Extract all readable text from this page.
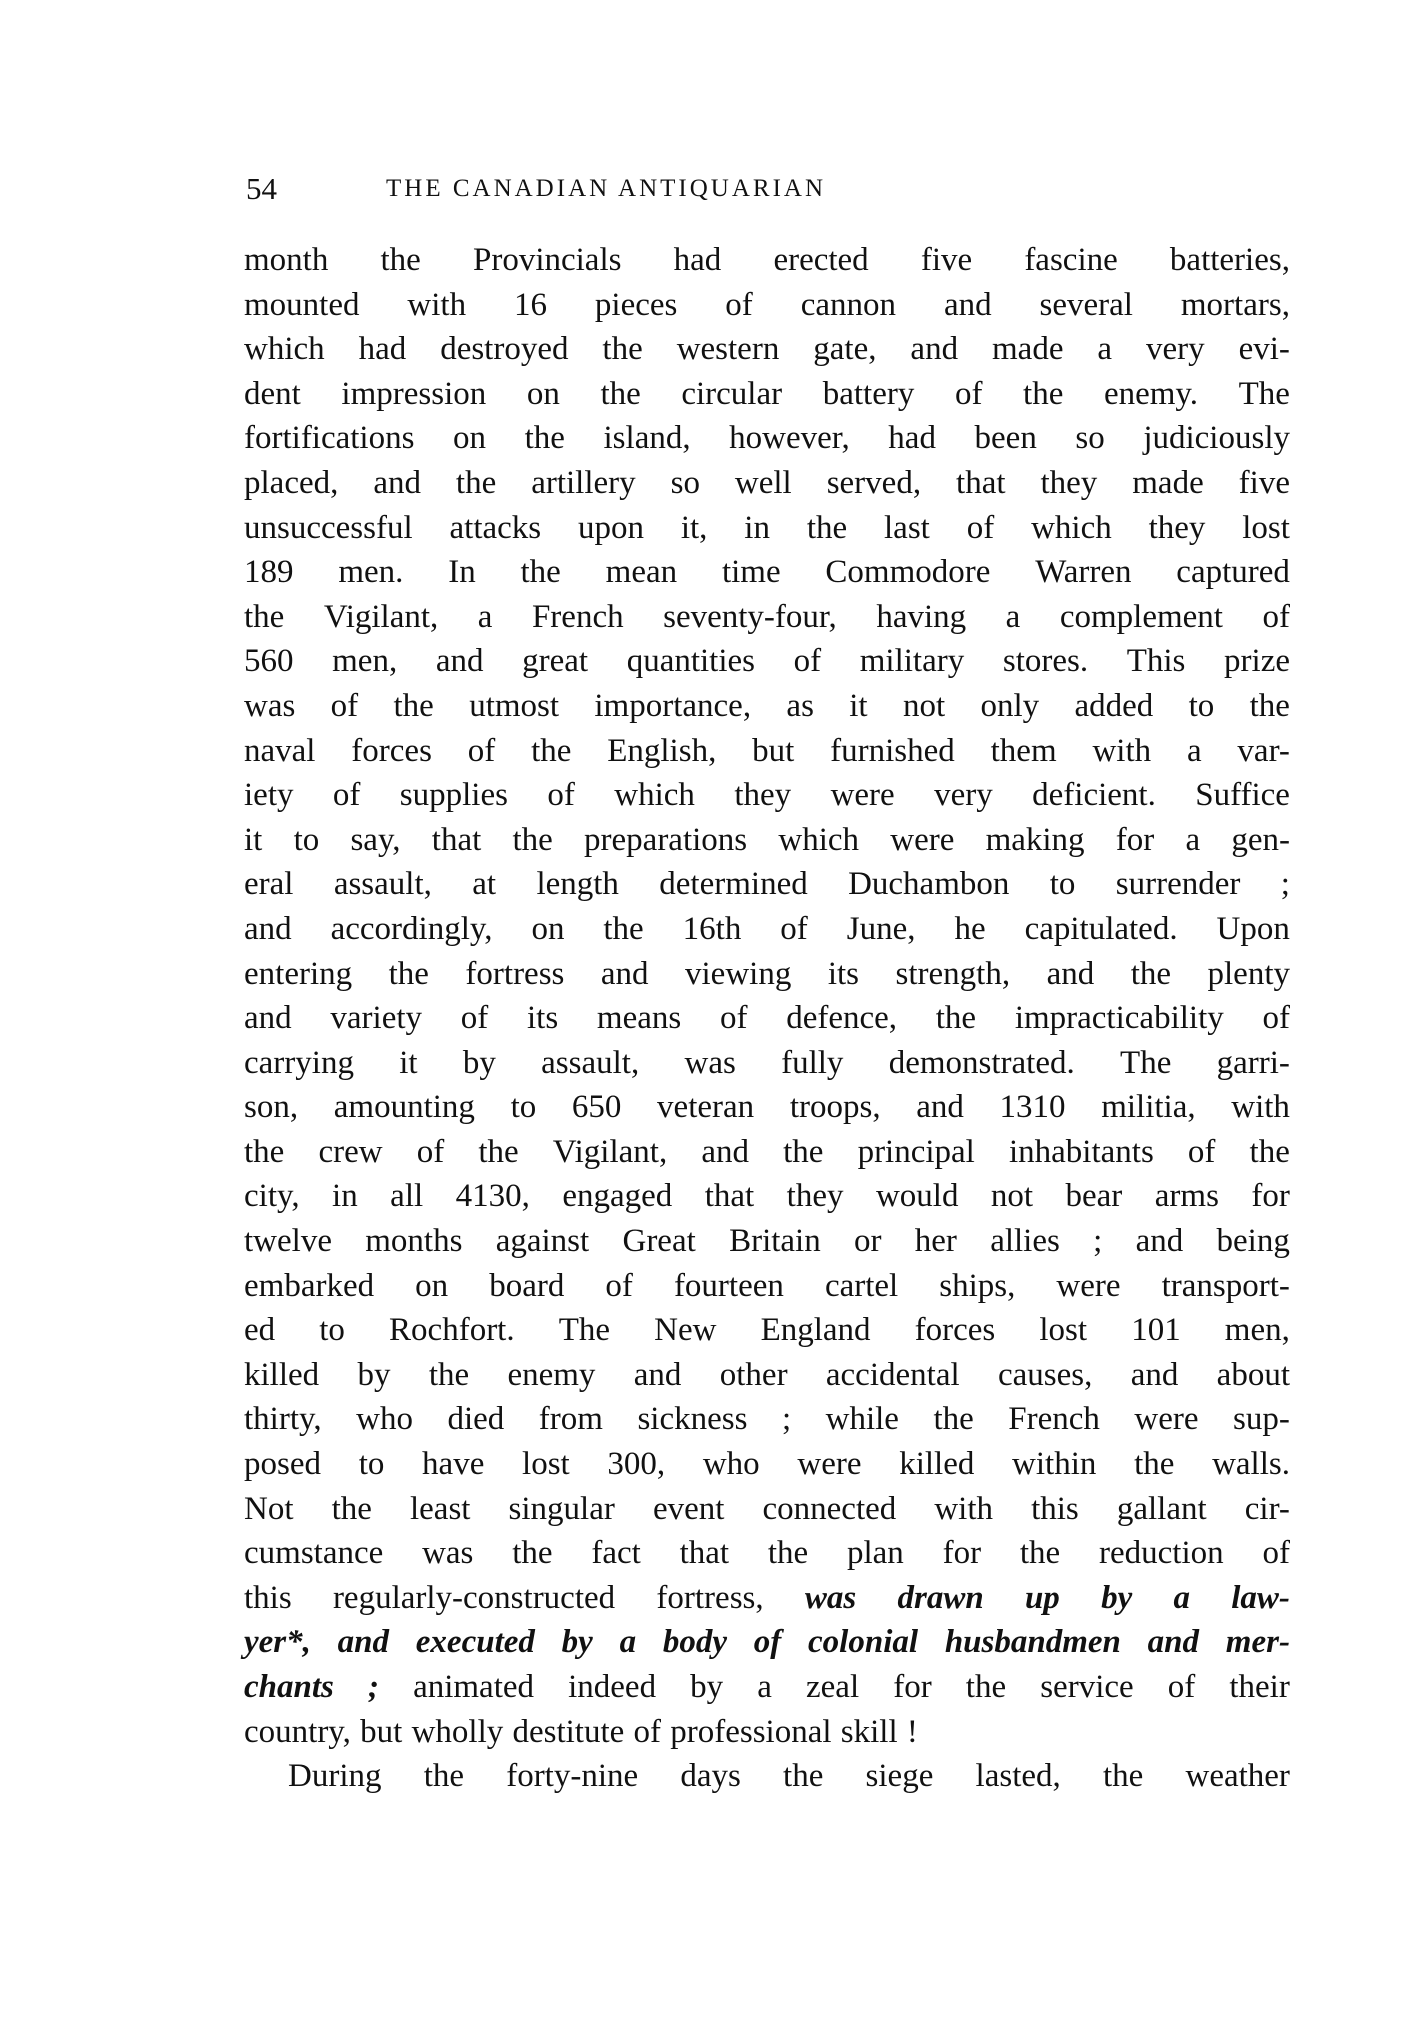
54	THE CANADIAN ANTIQUARIAN
month the Provincials had erected five fascine batteries,
mounted with 16 pieces of cannon and several mortars,
which had destroyed the western gate, and made a very evi-
dent impression on the circular battery of the enemy. The
fortifications on the island, however, had been so judiciously
placed, and the artillery so well served, that they made five
unsuccessful attacks upon it, in the last of which they lost
189 men. In the mean time Commodore Warren captured
the Vigilant, a French seventy-four, having a complement of
560 men, and great quantities of military stores. This prize
was of the utmost importance, as it not only added to the
naval forces of the English, but furnished them with a var-
iety of supplies of which they were very deficient. Suffice
it to say, that the preparations which were making for a gen-
eral assault, at length determined Duchambon to surrender ;
and accordingly, on the 16th of June, he capitulated. Upon
entering the fortress and viewing its strength, and the plenty
and variety of its means of defence, the impracticability of
carrying it by assault, was fully demonstrated. The garri-
son, amounting to 650 veteran troops, and 1310 militia, with
the crew of the Vigilant, and the principal inhabitants of the
city, in all 4130, engaged that they would not bear arms for
twelve months against Great Britain or her allies ; and being
embarked on board of fourteen cartel ships, were transport-
ed to Rochfort. The New England forces lost 101 men,
killed by the enemy and other accidental causes, and about
thirty, who died from sickness ; while the French were sup-
posed to have lost 300, who were killed within the walls.
Not the least singular event connected with this gallant cir-
cumstance was the fact that the plan for the reduction of
this regularly-constructed fortress, was drawn up by a law-
yer*, and executed by a body of colonial husbandmen and mer-
chants ; animated indeed by a zeal for the service of their
country, but wholly destitute of professional skill !
During the forty-nine days the siege lasted, the weather
